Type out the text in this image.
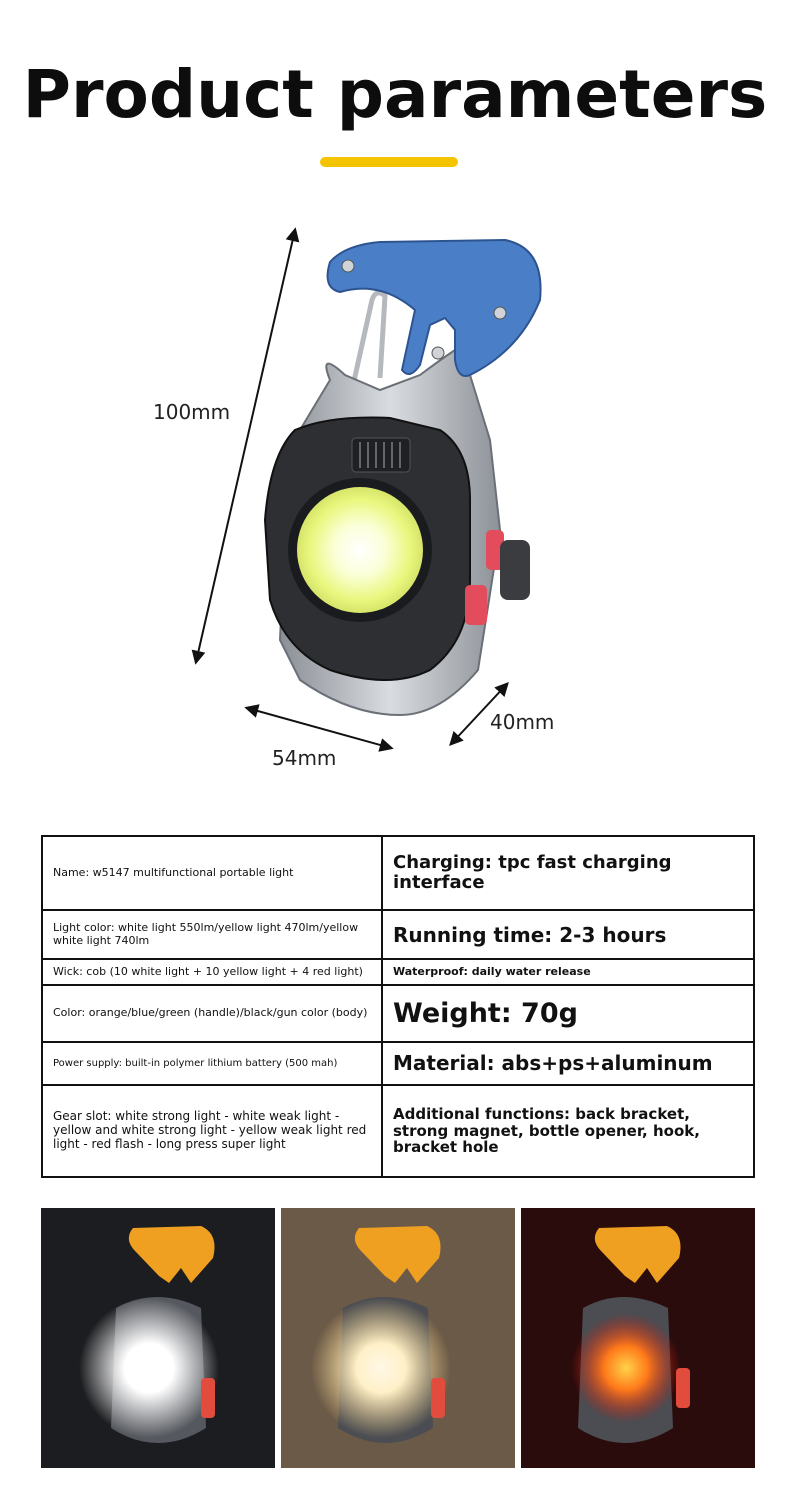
Product parameters
100mm
54mm
40mm
Name: w5147 multifunctional portable light	Charging: tpc fast charging interface
Light color: white light 550lm/yellow light 470lm/yellow white light 740lm	Running time: 2-3 hours
Wick: cob (10 white light + 10 yellow light + 4 red light)	Waterproof: daily water release
Color: orange/blue/green (handle)/black/gun color (body)	Weight: 70g
Power supply: built-in polymer lithium battery (500 mah)	Material: abs+ps+aluminum
Gear slot: white strong light - white weak light - yellow and white strong light - yellow weak light red light - red flash - long press super light	Additional functions: back bracket, strong magnet, bottle opener, hook, bracket hole
